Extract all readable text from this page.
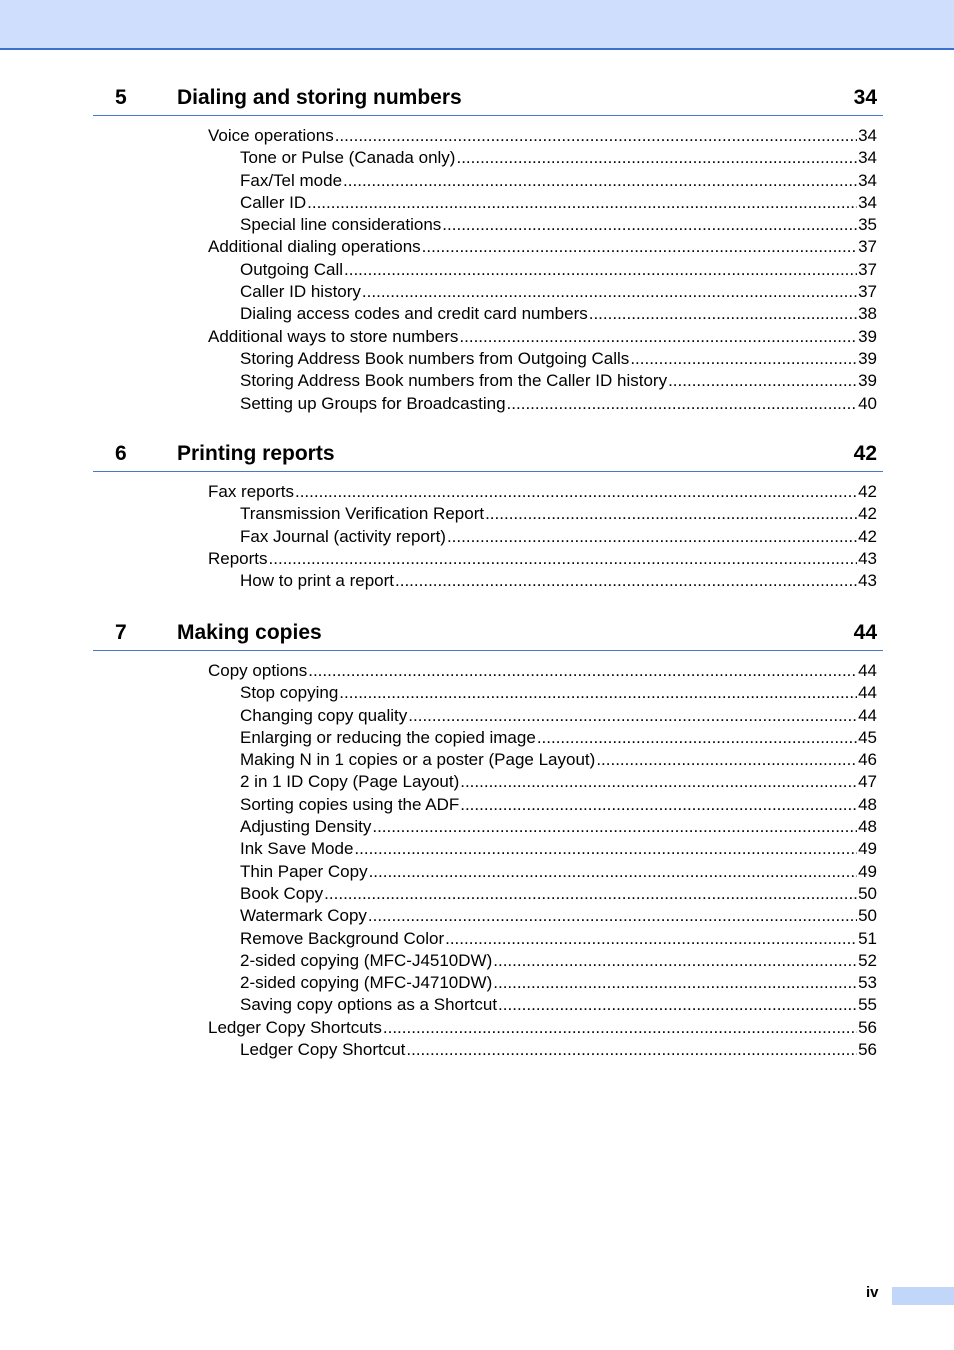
5 Dialing and storing numbers	34
Voice operations .....	34
Tone or Pulse (Canada only) .....	34
Fax/Tel mode .....	34
Caller ID .....	34
Special line considerations .....	35
Additional dialing operations .....	37
Outgoing Call .....	37
Caller ID history .....	37
Dialing access codes and credit card numbers .....	38
Additional ways to store numbers .....	39
Storing Address Book numbers from Outgoing Calls .....	39
Storing Address Book numbers from the Caller ID history .....	39
Setting up Groups for Broadcasting .....	40
6 Printing reports	42
Fax reports .....	42
Transmission Verification Report .....	42
Fax Journal (activity report) .....	42
Reports .....	43
How to print a report .....	43
7 Making copies	44
Copy options .....	44
Stop copying .....	44
Changing copy quality .....	44
Enlarging or reducing the copied image .....	45
Making N in 1 copies or a poster (Page Layout) .....	46
2 in 1 ID Copy (Page Layout) .....	47
Sorting copies using the ADF .....	48
Adjusting Density .....	48
Ink Save Mode .....	49
Thin Paper Copy .....	49
Book Copy .....	50
Watermark Copy .....	50
Remove Background Color .....	51
2-sided copying (MFC-J4510DW) .....	52
2-sided copying (MFC-J4710DW) .....	53
Saving copy options as a Shortcut .....	55
Ledger Copy Shortcuts .....	56
Ledger Copy Shortcut .....	56
iv
